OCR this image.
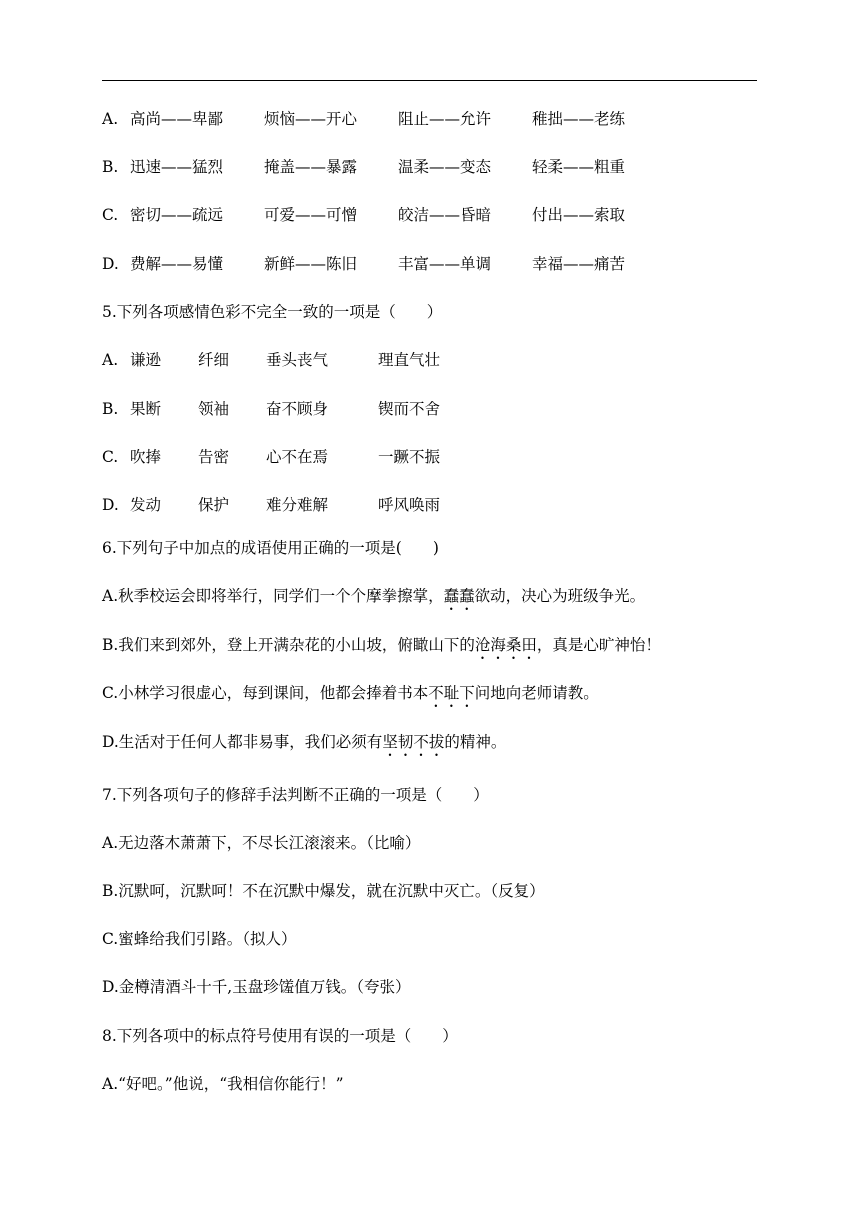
A. 高尚——卑鄙	烦恼——开心	阻止——允许	稚拙——老练
B. 迅速——猛烈	掩盖——暴露	温柔——变态	轻柔——粗重
C. 密切——疏远	可爱——可憎	皎洁——昏暗	付出——索取
D. 费解——易懂	新鲜——陈旧	丰富——单调	幸福——痛苦
5.下列各项感情色彩不完全一致的一项是（　　）
A. 谦逊 纤细 垂头丧气	理直气壮
B. 果断 领袖 奋不顾身	锲而不舍
C. 吹捧 告密 心不在焉	一蹶不振
D. 发动 保护 难分难解	呼风唤雨
6.下列句子中加点的成语使用正确的一项是(　　)
A.秋季校运会即将举行，同学们一个个摩拳擦掌，蠢蠢欲动，决心为班级争光。
B.我们来到郊外，登上开满杂花的小山坡，俯瞰山下的沧海桑田，真是心旷神怡！
C.小林学习很虚心，每到课间，他都会捧着书本不耻下问地向老师请教。
D.生活对于任何人都非易事，我们必须有坚韧不拔的精神。
7.下列各项句子的修辞手法判断不正确的一项是（　　）
A.无边落木萧萧下，不尽长江滚滚来。（比喻）
B.沉默呵，沉默呵！不在沉默中爆发，就在沉默中灭亡。（反复）
C.蜜蜂给我们引路。（拟人）
D.金樽清酒斗十千,玉盘珍馐值万钱。（夸张）
8.下列各项中的标点符号使用有误的一项是（　　）
A.“好吧。”他说，“我相信你能行！”
